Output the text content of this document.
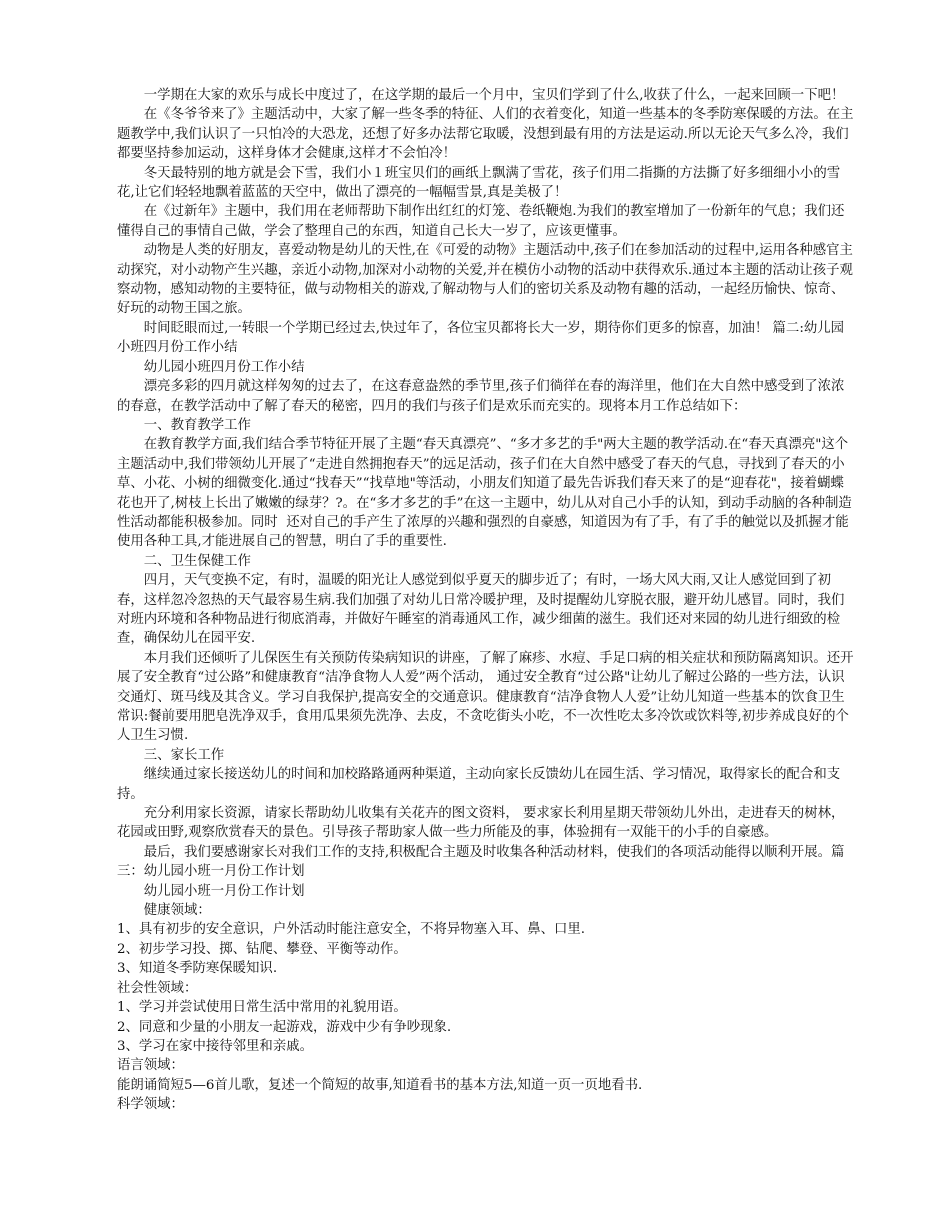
一学期在大家的欢乐与成长中度过了，在这学期的最后一个月中，宝贝们学到了什么,收获了什么，一起来回顾一下吧！

在《冬爷爷来了》主题活动中，大家了解一些冬季的特征、人们的衣着变化，知道一些基本的冬季防寒保暖的方法。在主题教学中,我们认识了一只怕冷的大恐龙，还想了好多办法帮它取暖，没想到最有用的方法是运动.所以无论天气多么冷，我们都要坚持参加运动，这样身体才会健康,这样才不会怕冷！

冬天最特别的地方就是会下雪，我们小１班宝贝们的画纸上飘满了雪花，孩子们用二指撕的方法撕了好多细细小小的雪花,让它们轻轻地飘着蓝蓝的天空中，做出了漂亮的一幅幅雪景,真是美极了！

在《过新年》主题中，我们用在老师帮助下制作出红红的灯笼、卷纸鞭炮.为我们的教室增加了一份新年的气息；我们还懂得自己的事情自己做，学会了整理自己的东西，知道自己长大一岁了，应该更懂事。

动物是人类的好朋友，喜爱动物是幼儿的天性,在《可爱的动物》主题活动中,孩子们在参加活动的过程中,运用各种感官主动探究，对小动物产生兴趣，亲近小动物,加深对小动物的关爱,并在模仿小动物的活动中获得欢乐.通过本主题的活动让孩子观察动物，感知动物的主要特征，做与动物相关的游戏,了解动物与人们的密切关系及动物有趣的活动，一起经历愉快、惊奇、好玩的动物王国之旅。

时间眨眼而过,一转眼一个学期已经过去,快过年了，各位宝贝都将长大一岁，期待你们更多的惊喜，加油！ 篇二:幼儿园小班四月份工作小结

幼儿园小班四月份工作小结

漂亮多彩的四月就这样匆匆的过去了，在这春意盎然的季节里,孩子们徜徉在春的海洋里，他们在大自然中感受到了浓浓的春意，在教学活动中了解了春天的秘密，四月的我们与孩子们是欢乐而充实的。现将本月工作总结如下：

一、教育教学工作

在教育教学方面,我们结合季节特征开展了主题“春天真漂亮”、“多才多艺的手"两大主题的教学活动.在“春天真漂亮"这个主题活动中,我们带领幼儿开展了“走进自然拥抱春天”的远足活动，孩子们在大自然中感受了春天的气息，寻找到了春天的小草、小花、小树的细微变化.通过“找春天”“找草地"等活动，小朋友们知道了最先告诉我们春天来了的是“迎春花"，接着蝴蝶花也开了,树枝上长出了嫩嫩的绿芽？?。在“多才多艺的手”在这一主题中，幼儿从对自己小手的认知，到动手动脑的各种制造性活动都能积极参加。同时  还对自己的手产生了浓厚的兴趣和强烈的自豪感，知道因为有了手，有了手的触觉以及抓握才能使用各种工具,才能进展自己的智慧，明白了手的重要性.

二、卫生保健工作

四月，天气变换不定，有时，温暖的阳光让人感觉到似乎夏天的脚步近了；有时，一场大风大雨,又让人感觉回到了初春，这样忽冷忽热的天气最容易生病.我们加强了对幼儿日常冷暖护理，及时提醒幼儿穿脱衣服，避开幼儿感冒。同时，我们对班内环境和各种物品进行彻底消毒，并做好午睡室的消毒通风工作，减少细菌的滋生。我们还对来园的幼儿进行细致的检查，确保幼儿在园平安.

本月我们还倾听了儿保医生有关预防传染病知识的讲座，了解了麻疹、水痘、手足口病的相关症状和预防隔离知识。还开展了安全教育“过公路”和健康教育“洁净食物人人爱”两个活动， 通过安全教育“过公路"让幼儿了解过公路的一些方法，认识交通灯、斑马线及其含义。学习自我保护,提高安全的交通意识。健康教育“洁净食物人人爱”让幼儿知道一些基本的饮食卫生常识:餐前要用肥皂洗净双手，食用瓜果须先洗净、去皮，不贪吃街头小吃，不一次性吃太多冷饮或饮料等,初步养成良好的个人卫生习惯.

三、家长工作

继续通过家长接送幼儿的时间和加校路路通两种渠道，主动向家长反馈幼儿在园生活、学习情况，取得家长的配合和支持。

充分利用家长资源，请家长帮助幼儿收集有关花卉的图文资料， 要求家长利用星期天带领幼儿外出，走进春天的树林，花园或田野,观察欣赏春天的景色。引导孩子帮助家人做一些力所能及的事，体验拥有一双能干的小手的自豪感。

最后，我们要感谢家长对我们工作的支持,积极配合主题及时收集各种活动材料，使我们的各项活动能得以顺利开展。篇三：幼儿园小班一月份工作计划

幼儿园小班一月份工作计划

健康领域：

1、具有初步的安全意识，户外活动时能注意安全，不将异物塞入耳、鼻、口里.

2、初步学习投、掷、钻爬、攀登、平衡等动作。

3、知道冬季防寒保暖知识.

社会性领域：

1、学习并尝试使用日常生活中常用的礼貌用语。

2、同意和少量的小朋友一起游戏，游戏中少有争吵现象.

3、学习在家中接待邻里和亲戚。

语言领域：

能朗诵简短5—6首儿歌，复述一个简短的故事,知道看书的基本方法,知道一页一页地看书.

科学领域：
